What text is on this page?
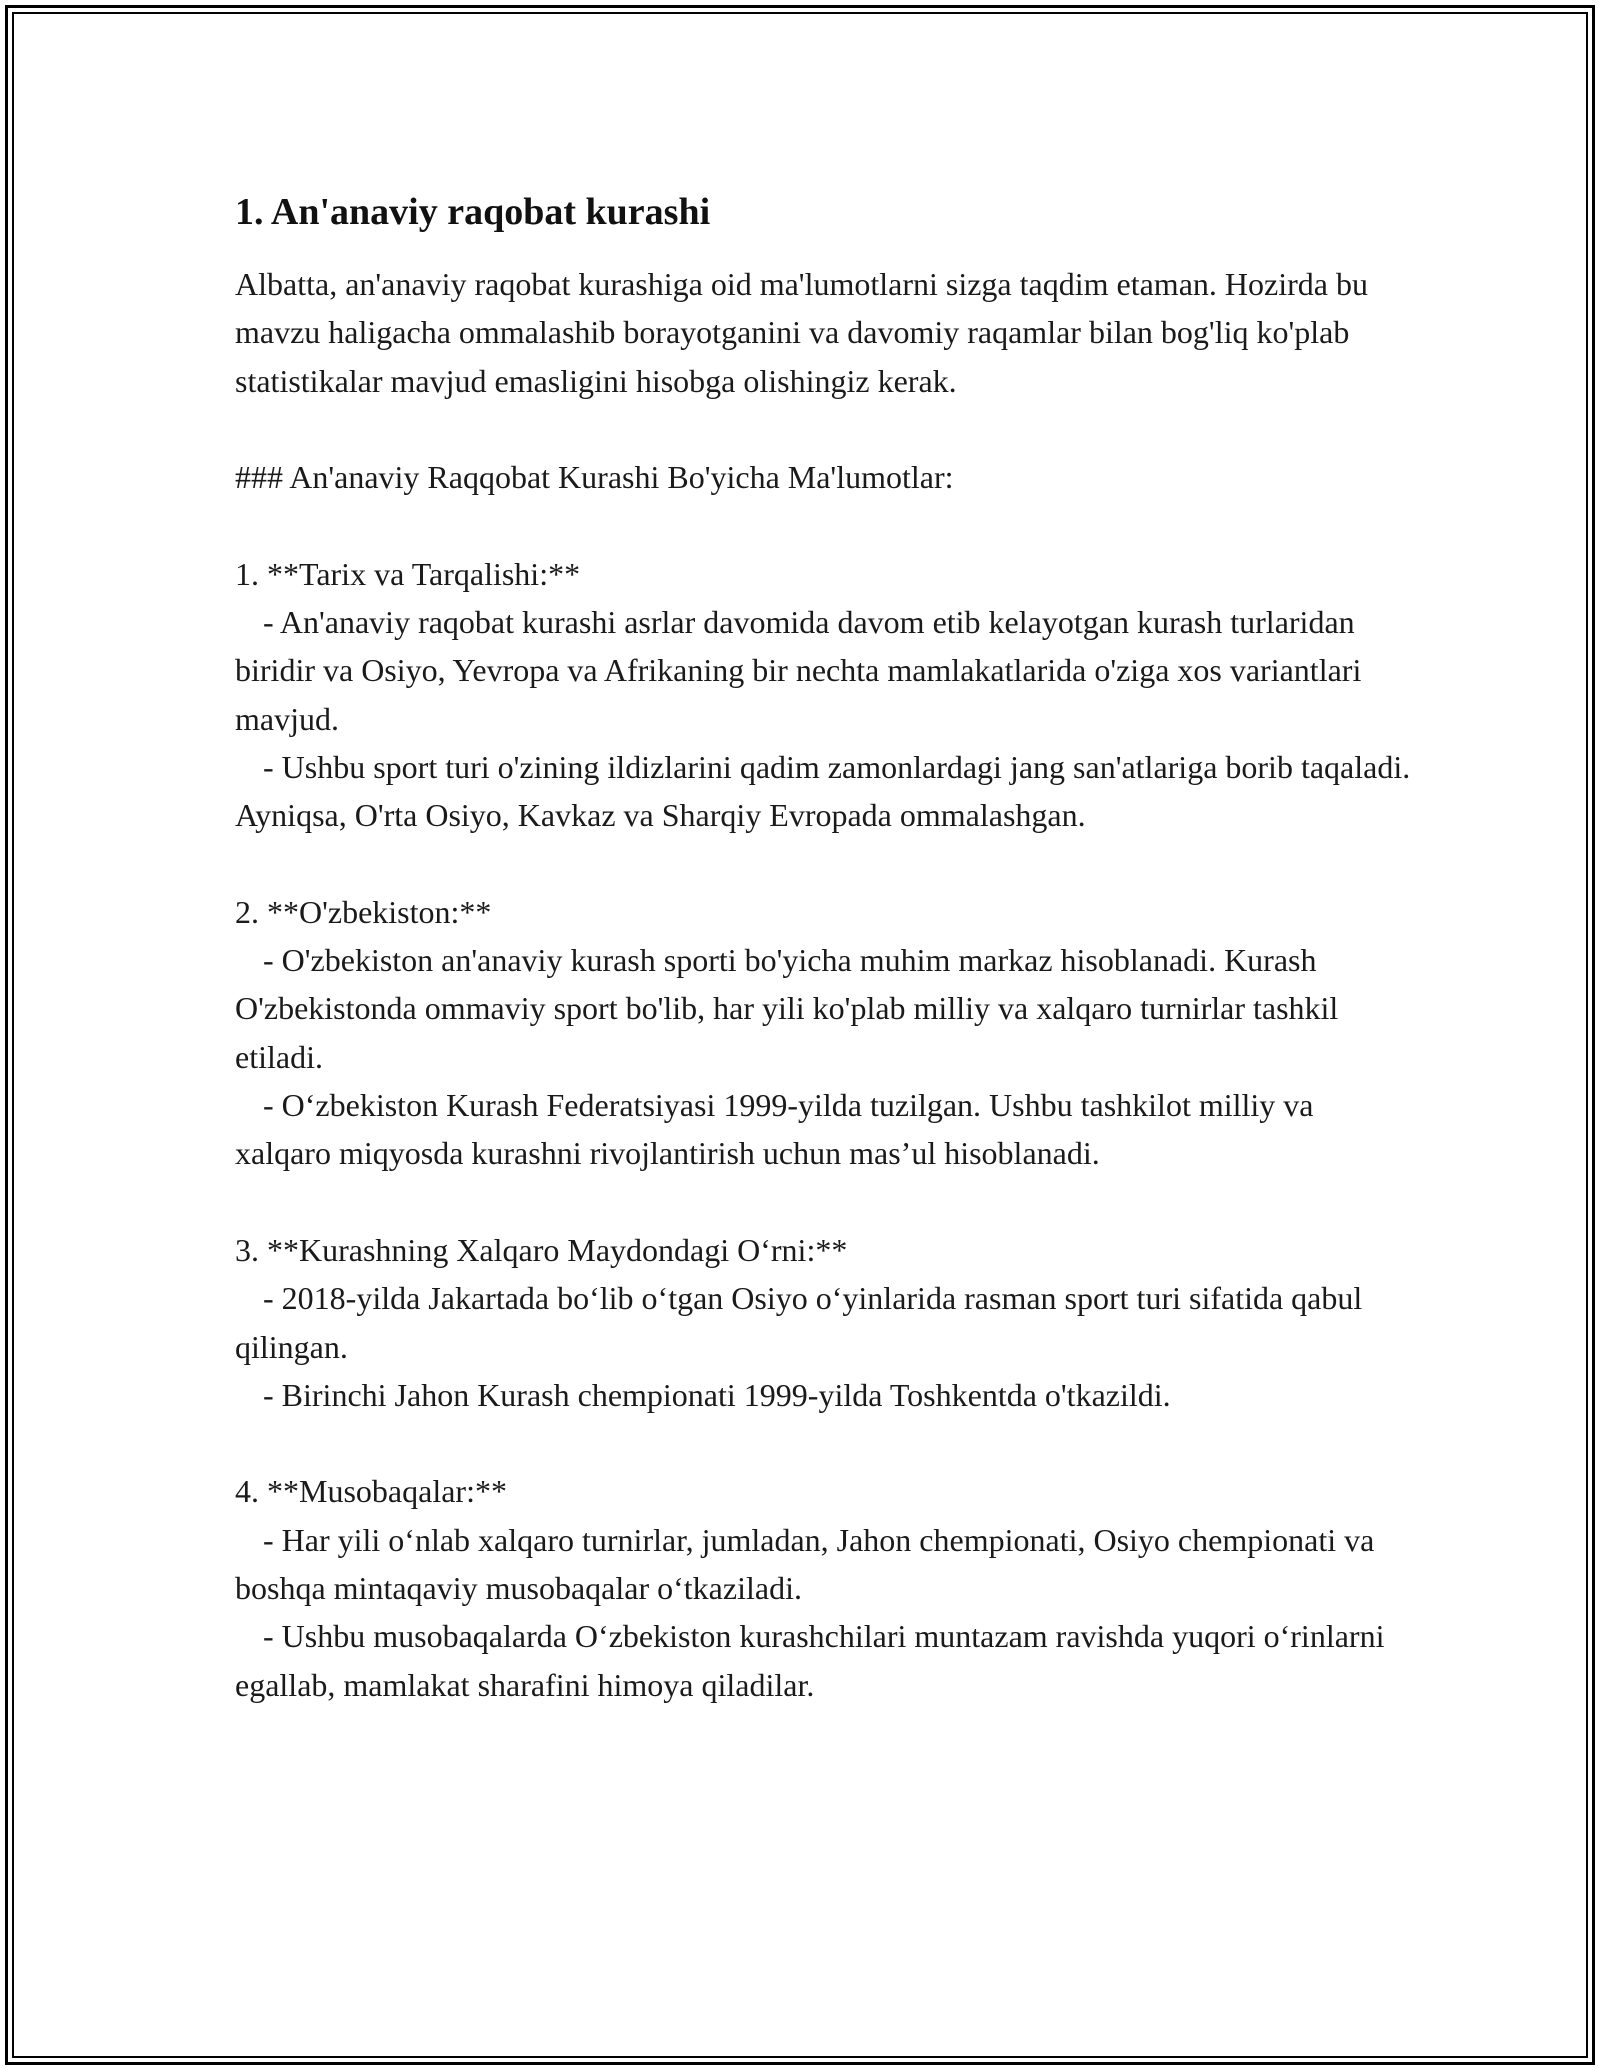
1. An'anaviy raqobat kurashi

Albatta, an'anaviy raqobat kurashiga oid ma'lumotlarni sizga taqdim etaman. Hozirda bu mavzu haligacha ommalashib borayotganini va davomiy raqamlar bilan bog'liq ko'plab statistikalar mavjud emasligini hisobga olishingiz kerak.

### An'anaviy Raqqobat Kurashi Bo'yicha Ma'lumotlar:

1. **Tarix va Tarqalishi:**
- An'anaviy raqobat kurashi asrlar davomida davom etib kelayotgan kurash turlaridan biridir va Osiyo, Yevropa va Afrikaning bir nechta mamlakatlarida o'ziga xos variantlari mavjud.
- Ushbu sport turi o'zining ildizlarini qadim zamonlardagi jang san'atlariga borib taqaladi. Ayniqsa, O'rta Osiyo, Kavkaz va Sharqiy Evropada ommalashgan.
2. **O'zbekiston:**
- O'zbekiston an'anaviy kurash sporti bo'yicha muhim markaz hisoblanadi. Kurash O'zbekistonda ommaviy sport bo'lib, har yili ko'plab milliy va xalqaro turnirlar tashkil etiladi.
- O‘zbekiston Kurash Federatsiyasi 1999-yilda tuzilgan. Ushbu tashkilot milliy va xalqaro miqyosda kurashni rivojlantirish uchun mas’ul hisoblanadi.
3. **Kurashning Xalqaro Maydondagi O‘rni:**
- 2018-yilda Jakartada bo‘lib o‘tgan Osiyo o‘yinlarida rasman sport turi sifatida qabul qilingan.
- Birinchi Jahon Kurash chempionati 1999-yilda Toshkentda o'tkazildi.
4. **Musobaqalar:**
- Har yili o‘nlab xalqaro turnirlar, jumladan, Jahon chempionati, Osiyo chempionati va boshqa mintaqaviy musobaqalar o‘tkaziladi.
- Ushbu musobaqalarda O‘zbekiston kurashchilari muntazam ravishda yuqori o‘rinlarni egallab, mamlakat sharafini himoya qiladilar.
